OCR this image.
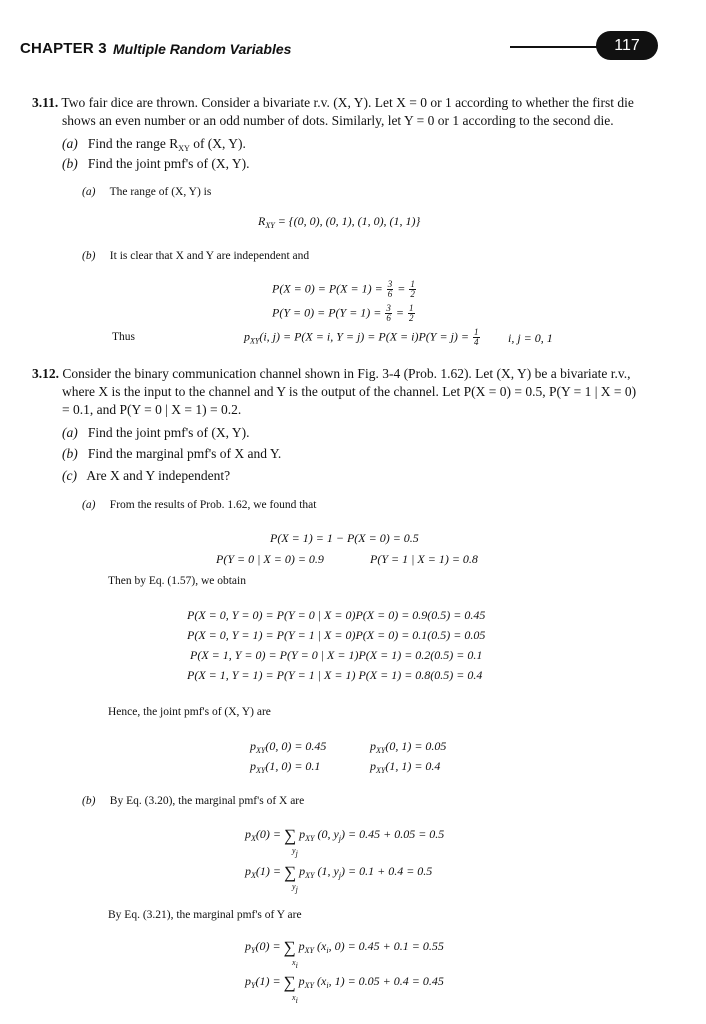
CHAPTER 3 Multiple Random Variables	117
3.11. Two fair dice are thrown. Consider a bivariate r.v. (X, Y). Let X = 0 or 1 according to whether the first die
shows an even number or an odd number of dots. Similarly, let Y = 0 or 1 according to the second die.
(a) Find the range $R_{XY}$ of (X, Y).
(b) Find the joint pmf's of (X, Y).
(a) The range of (X, Y) is
$R_{XY} = \{(0$, 0), (0, 1), (1, 0), (1, 1)}
(b) It is clear that X and Y are independent and
$P(X = 0) = P(X = 1) = \frac{3}{6} = \frac{1}{2}$
$P(Y = 0) = P(Y = 1) = \frac{3}{6} = \frac{1}{2}$
Thus	$p_{XY}(i$, j) = P(X = i, $Y = j) = P(X = i)P(Y = j) = \frac{1}{4} i$, j = 0, 1
3.12. Consider the binary communication channel shown in Fig. 3-4 (Prob. 1.62). Let (X, Y) be a bivariate r.v.,
where X is the input to the channel and Y is the output of the channel. Let P(X = 0) = 0.5, P(Y = 1 | X = 0)
= 0.1, and P(Y = 0 | X = 1) = 0.2.
(a) Find the joint pmf's of (X, Y).
(b) Find the marginal pmf's of X and Y.
(c) Are X and Y independent?
(a) From the results of Prob. 1.62, we found that
P(X = 1) = 1 − P(X = 0) = 0.5
P(Y = 0 | X = 0) = 0.9	P(Y = 1 | X = 1) = 0.8
Then by Eq. (1.57), we obtain
P(X = 0, Y = 0) = P(Y = 0 | X = 0)P(X = 0) = 0.9(0.5) = 0.45
P(X = 0, Y = 1) = P(Y = 1 | X = 0)P(X = 0) = 0.1(0.5) = 0.05
P(X = 1, Y = 0) = P(Y = 0 | X = 1)P(X = 1) = 0.2(0.5) = 0.1
P(X = 1, Y = 1) = P(Y = 1 | X = 1) P(X = 1) = 0.8(0.5) = 0.4
Hence, the joint pmf's of (X, Y) are
$p_{XY}(0$, 0) = 0.45	$p_{XY}(0$, 1) = 0.05
$p_{XY}(1$, 0) = 0.1	$p_{XY}(1$, 1) = 0.4
(b) By Eq. (3.20), the marginal pmf's of X are
$p_X(0)$ = ∑ $p_{XY}$ (0, $y_j) = 0.45 + 0.05 = 0.5$
yj
$p_X(1)$ = ∑ $p_{XY}$ (1, $y_j) = 0.1 + 0.4 = 0.5$
yj
By Eq. (3.21), the marginal pmf's of Y are
$p_Y(0)$ = ∑ $p_{XY}$ ($x_i$, 0) = 0.45 + 0.1 = 0.55
xi
$p_Y(1)$ = ∑ $p_{XY}$ ($x_i$, 1) = 0.05 + 0.4 = 0.45
xi
